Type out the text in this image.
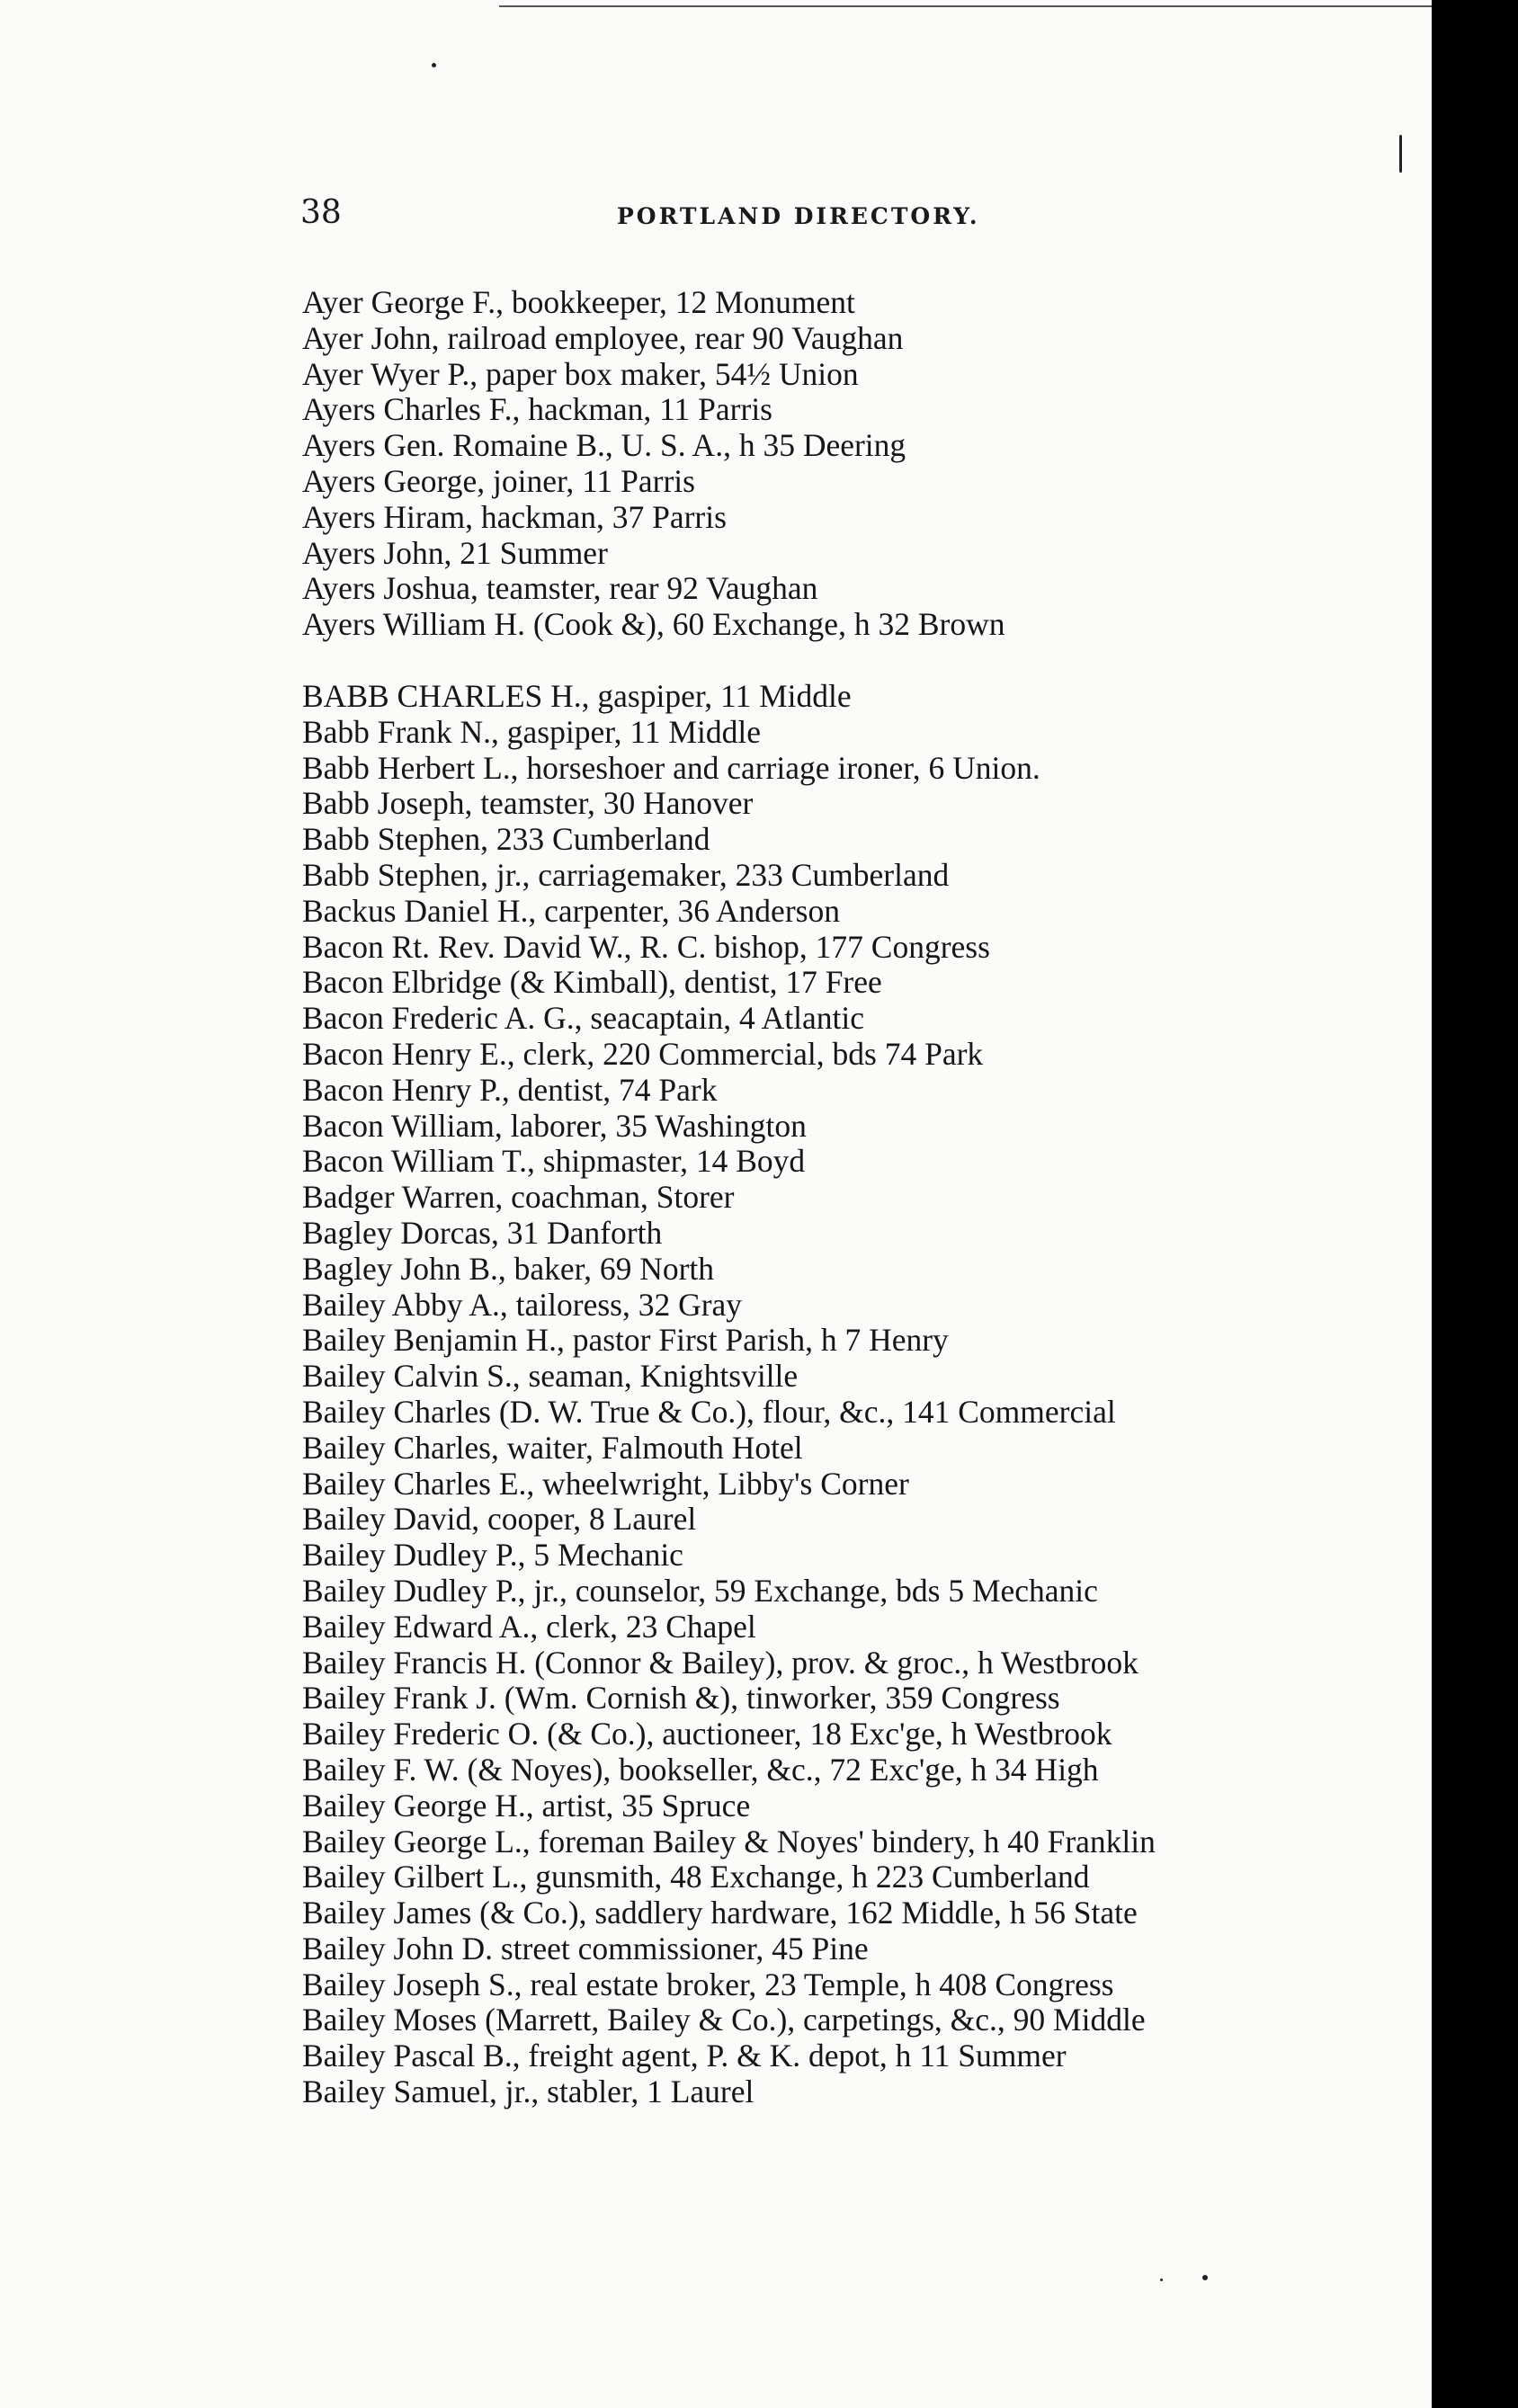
38	PORTLAND DIRECTORY.
Ayer George F., bookkeeper, 12 Monument
Ayer John, railroad employee, rear 90 Vaughan
Ayer Wyer P., paper box maker, 54½ Union
Ayers Charles F., hackman, 11 Parris
Ayers Gen. Romaine B., U. S. A., h 35 Deering
Ayers George, joiner, 11 Parris
Ayers Hiram, hackman, 37 Parris
Ayers John, 21 Summer
Ayers Joshua, teamster, rear 92 Vaughan
Ayers William H. (Cook &), 60 Exchange, h 32 Brown
BABB CHARLES H., gaspiper, 11 Middle
Babb Frank N., gaspiper, 11 Middle
Babb Herbert L., horseshoer and carriage ironer, 6 Union.
Babb Joseph, teamster, 30 Hanover
Babb Stephen, 233 Cumberland
Babb Stephen, jr., carriagemaker, 233 Cumberland
Backus Daniel H., carpenter, 36 Anderson
Bacon Rt. Rev. David W., R. C. bishop, 177 Congress
Bacon Elbridge (& Kimball), dentist, 17 Free
Bacon Frederic A. G., seacaptain, 4 Atlantic
Bacon Henry E., clerk, 220 Commercial, bds 74 Park
Bacon Henry P., dentist, 74 Park
Bacon William, laborer, 35 Washington
Bacon William T., shipmaster, 14 Boyd
Badger Warren, coachman, Storer
Bagley Dorcas, 31 Danforth
Bagley John B., baker, 69 North
Bailey Abby A., tailoress, 32 Gray
Bailey Benjamin H., pastor First Parish, h 7 Henry
Bailey Calvin S., seaman, Knightsville
Bailey Charles (D. W. True & Co.), flour, &c., 141 Commercial
Bailey Charles, waiter, Falmouth Hotel
Bailey Charles E., wheelwright, Libby's Corner
Bailey David, cooper, 8 Laurel
Bailey Dudley P., 5 Mechanic
Bailey Dudley P., jr., counselor, 59 Exchange, bds 5 Mechanic
Bailey Edward A., clerk, 23 Chapel
Bailey Francis H. (Connor & Bailey), prov. & groc., h Westbrook
Bailey Frank J. (Wm. Cornish &), tinworker, 359 Congress
Bailey Frederic O. (& Co.), auctioneer, 18 Exc'ge, h Westbrook
Bailey F. W. (& Noyes), bookseller, &c., 72 Exc'ge, h 34 High
Bailey George H., artist, 35 Spruce
Bailey George L., foreman Bailey & Noyes' bindery, h 40 Franklin
Bailey Gilbert L., gunsmith, 48 Exchange, h 223 Cumberland
Bailey James (& Co.), saddlery hardware, 162 Middle, h 56 State
Bailey John D. street commissioner, 45 Pine
Bailey Joseph S., real estate broker, 23 Temple, h 408 Congress
Bailey Moses (Marrett, Bailey & Co.), carpetings, &c., 90 Middle
Bailey Pascal B., freight agent, P. & K. depot, h 11 Summer
Bailey Samuel, jr., stabler, 1 Laurel
